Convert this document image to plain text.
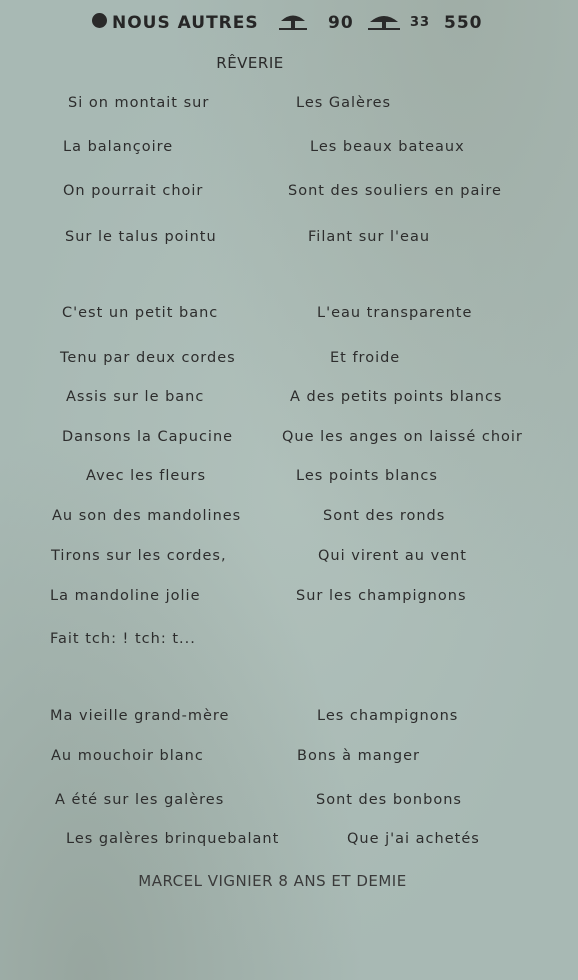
NOUS AUTRES	90	33 550
RÊVERIE
Si on montait sur
La balançoire
On pourrait choir
Sur le talus pointu
C'est un petit banc
Tenu par deux cordes
Assis sur le banc
Dansons la Capucine
Avec les fleurs
Au son des mandolines
Tirons sur les cordes,
La mandoline jolie
Fait tch: ! tch: t...
Ma vieille grand-mère
Au mouchoir blanc
A été sur les galères
Les galères brinquebalant
Les Galères
Les beaux bateaux
Sont des souliers en paire
Filant sur l'eau
L'eau transparente
Et froide
A des petits points blancs
Que les anges on laissé choir
Les points blancs
Sont des ronds
Qui virent au vent
Sur les champignons
Les champignons
Bons à manger
Sont des bonbons
Que j'ai achetés
MARCEL VIGNIER 8 ANS ET DEMIE
